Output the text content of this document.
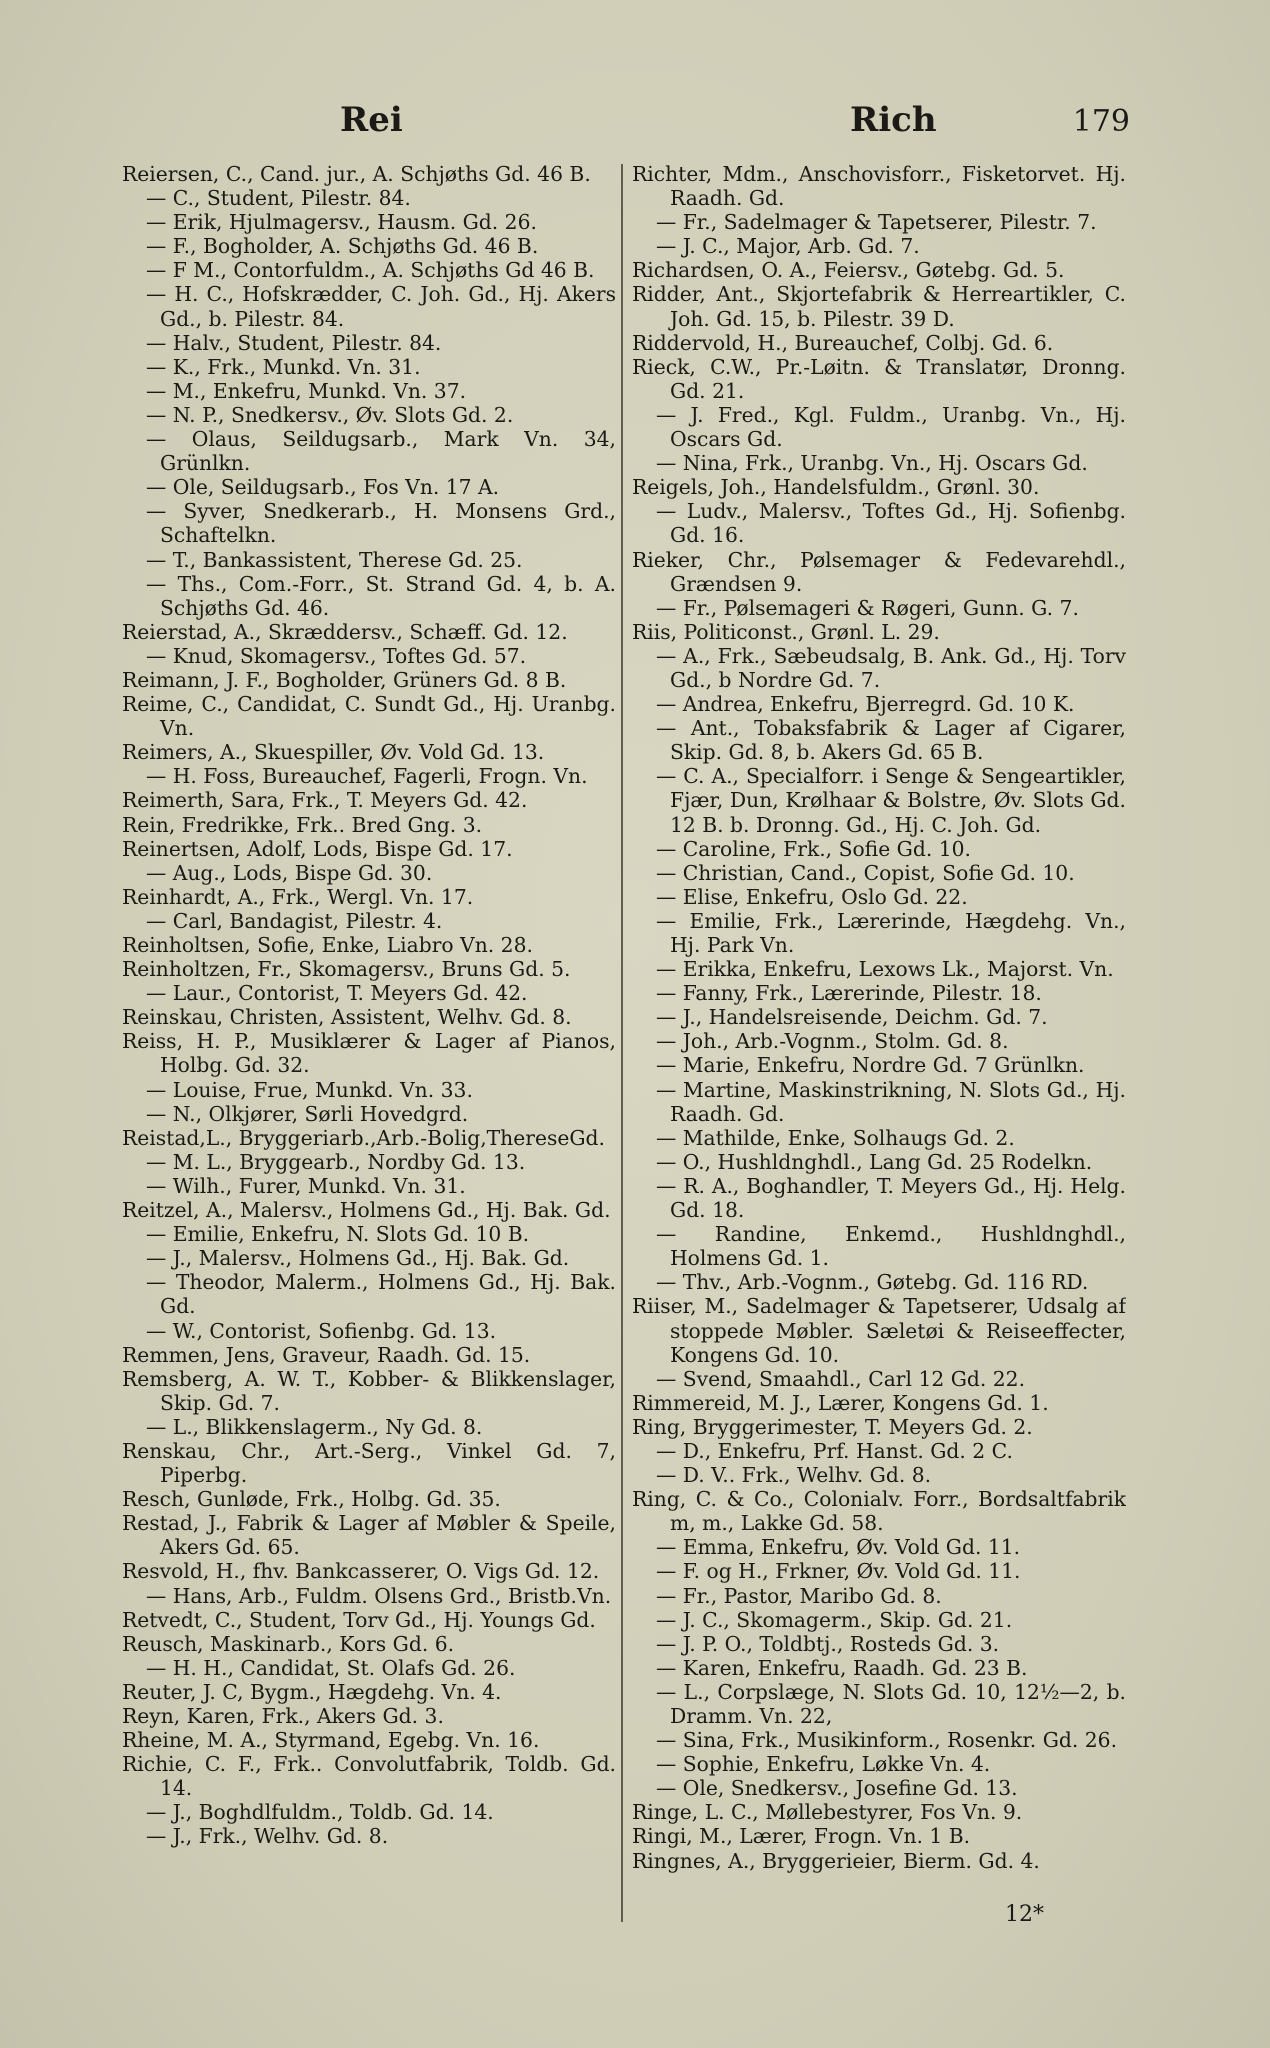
Rei	Rich	179

Reiersen, C., Cand. jur., A. Schjøths Gd. 46 B.

— C., Student, Pilestr. 84.

— Erik, Hjulmagersv., Hausm. Gd. 26.

— F., Bogholder, A. Schjøths Gd. 46 B.

— F M., Contorfuldm., A. Schjøths Gd 46 B.

— H. C., Hofskrædder, C. Joh. Gd., Hj. Akers Gd., b. Pilestr. 84.

— Halv., Student, Pilestr. 84.

— K., Frk., Munkd. Vn. 31.

— M., Enkefru, Munkd. Vn. 37.

— N. P., Snedkersv., Øv. Slots Gd. 2.

— Olaus, Seildugsarb., Mark Vn. 34, Grünlkn.

— Ole, Seildugsarb., Fos Vn. 17 A.

— Syver, Snedkerarb., H. Monsens Grd., Schaftelkn.

— T., Bankassistent, Therese Gd. 25.

— Ths., Com.-Forr., St. Strand Gd. 4, b. A. Schjøths Gd. 46.

Reierstad, A., Skræddersv., Schæff. Gd. 12.

— Knud, Skomagersv., Toftes Gd. 57.

Reimann, J. F., Bogholder, Grüners Gd. 8 B.

Reime, C., Candidat, C. Sundt Gd., Hj. Uranbg. Vn.

Reimers, A., Skuespiller, Øv. Vold Gd. 13.

— H. Foss, Bureauchef, Fagerli, Frogn. Vn.

Reimerth, Sara, Frk., T. Meyers Gd. 42.

Rein, Fredrikke, Frk.. Bred Gng. 3.

Reinertsen, Adolf, Lods, Bispe Gd. 17.

— Aug., Lods, Bispe Gd. 30.

Reinhardt, A., Frk., Wergl. Vn. 17.

— Carl, Bandagist, Pilestr. 4.

Reinholtsen, Sofie, Enke, Liabro Vn. 28.

Reinholtzen, Fr., Skomagersv., Bruns Gd. 5.

— Laur., Contorist, T. Meyers Gd. 42.

Reinskau, Christen, Assistent, Welhv. Gd. 8.

Reiss, H. P., Musiklærer & Lager af Pianos, Holbg. Gd. 32.

— Louise, Frue, Munkd. Vn. 33.

— N., Olkjører, Sørli Hovedgrd.

Reistad,L., Bryggeriarb.,Arb.-Bolig,ThereseGd.

— M. L., Bryggearb., Nordby Gd. 13.

— Wilh., Furer, Munkd. Vn. 31.

Reitzel, A., Malersv., Holmens Gd., Hj. Bak. Gd.

— Emilie, Enkefru, N. Slots Gd. 10 B.

— J., Malersv., Holmens Gd., Hj. Bak. Gd.

— Theodor, Malerm., Holmens Gd., Hj. Bak. Gd.

— W., Contorist, Sofienbg. Gd. 13.

Remmen, Jens, Graveur, Raadh. Gd. 15.

Remsberg, A. W. T., Kobber- & Blikkenslager, Skip. Gd. 7.

— L., Blikkenslagerm., Ny Gd. 8.

Renskau, Chr., Art.-Serg., Vinkel Gd. 7, Piperbg.

Resch, Gunløde, Frk., Holbg. Gd. 35.

Restad, J., Fabrik & Lager af Møbler & Speile, Akers Gd. 65.

Resvold, H., fhv. Bankcasserer, O. Vigs Gd. 12.

— Hans, Arb., Fuldm. Olsens Grd., Bristb.Vn.

Retvedt, C., Student, Torv Gd., Hj. Youngs Gd.

Reusch, Maskinarb., Kors Gd. 6.

— H. H., Candidat, St. Olafs Gd. 26.

Reuter, J. C, Bygm., Hægdehg. Vn. 4.

Reyn, Karen, Frk., Akers Gd. 3.

Rheine, M. A., Styrmand, Egebg. Vn. 16.

Richie, C. F., Frk.. Convolutfabrik, Toldb. Gd. 14.

— J., Boghdlfuldm., Toldb. Gd. 14.

— J., Frk., Welhv. Gd. 8.

Richter, Mdm., Anschovisforr., Fisketorvet. Hj. Raadh. Gd.

— Fr., Sadelmager & Tapetserer, Pilestr. 7.

— J. C., Major, Arb. Gd. 7.

Richardsen, O. A., Feiersv., Gøtebg. Gd. 5.

Ridder, Ant., Skjortefabrik & Herreartikler, C. Joh. Gd. 15, b. Pilestr. 39 D.

Riddervold, H., Bureauchef, Colbj. Gd. 6.

Rieck, C.W., Pr.-Løitn. & Translatør, Dronng. Gd. 21.

— J. Fred., Kgl. Fuldm., Uranbg. Vn., Hj. Oscars Gd.

— Nina, Frk., Uranbg. Vn., Hj. Oscars Gd.

Reigels, Joh., Handelsfuldm., Grønl. 30.

— Ludv., Malersv., Toftes Gd., Hj. Sofienbg. Gd. 16.

Rieker, Chr., Pølsemager & Fedevarehdl., Grændsen 9.

— Fr., Pølsemageri & Røgeri, Gunn. G. 7.

Riis, Politiconst., Grønl. L. 29.

— A., Frk., Sæbeudsalg, B. Ank. Gd., Hj. Torv Gd., b Nordre Gd. 7.

— Andrea, Enkefru, Bjerregrd. Gd. 10 K.

— Ant., Tobaksfabrik & Lager af Cigarer, Skip. Gd. 8, b. Akers Gd. 65 B.

— C. A., Specialforr. i Senge & Sengeartikler, Fjær, Dun, Krølhaar & Bolstre, Øv. Slots Gd. 12 B. b. Dronng. Gd., Hj. C. Joh. Gd.

— Caroline, Frk., Sofie Gd. 10.

— Christian, Cand., Copist, Sofie Gd. 10.

— Elise, Enkefru, Oslo Gd. 22.

— Emilie, Frk., Lærerinde, Hægdehg. Vn., Hj. Park Vn.

— Erikka, Enkefru, Lexows Lk., Majorst. Vn.

— Fanny, Frk., Lærerinde, Pilestr. 18.

— J., Handelsreisende, Deichm. Gd. 7.

— Joh., Arb.-Vognm., Stolm. Gd. 8.

— Marie, Enkefru, Nordre Gd. 7 Grünlkn.

— Martine, Maskinstrikning, N. Slots Gd., Hj. Raadh. Gd.

— Mathilde, Enke, Solhaugs Gd. 2.

— O., Hushldnghdl., Lang Gd. 25 Rodelkn.

— R. A., Boghandler, T. Meyers Gd., Hj. Helg. Gd. 18.

— Randine, Enkemd., Hushldnghdl., Holmens Gd. 1.

— Thv., Arb.-Vognm., Gøtebg. Gd. 116 RD.

Riiser, M., Sadelmager & Tapetserer, Udsalg af stoppede Møbler. Sæletøi & Reiseeffecter, Kongens Gd. 10.

— Svend, Smaahdl., Carl 12 Gd. 22.

Rimmereid, M. J., Lærer, Kongens Gd. 1.

Ring, Bryggerimester, T. Meyers Gd. 2.

— D., Enkefru, Prf. Hanst. Gd. 2 C.

— D. V.. Frk., Welhv. Gd. 8.

Ring, C. & Co., Colonialv. Forr., Bordsaltfabrik m, m., Lakke Gd. 58.

— Emma, Enkefru, Øv. Vold Gd. 11.

— F. og H., Frkner, Øv. Vold Gd. 11.

— Fr., Pastor, Maribo Gd. 8.

— J. C., Skomagerm., Skip. Gd. 21.

— J. P. O., Toldbtj., Rosteds Gd. 3.

— Karen, Enkefru, Raadh. Gd. 23 B.

— L., Corpslæge, N. Slots Gd. 10, 12½—2, b. Dramm. Vn. 22,

— Sina, Frk., Musikinform., Rosenkr. Gd. 26.

— Sophie, Enkefru, Løkke Vn. 4.

— Ole, Snedkersv., Josefine Gd. 13.

Ringe, L. C., Møllebestyrer, Fos Vn. 9.

Ringi, M., Lærer, Frogn. Vn. 1 B.

Ringnes, A., Bryggerieier, Bierm. Gd. 4.

12*
